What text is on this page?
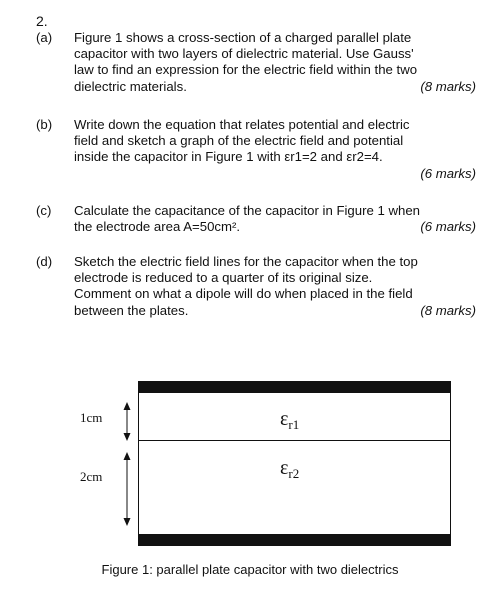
2.
(a) Figure 1 shows a cross-section of a charged parallel plate
capacitor with two layers of dielectric material. Use Gauss'
law to find an expression for the electric field within the two
dielectric materials.	(8 marks)
(b) Write down the equation that relates potential and electric
field and sketch a graph of the electric field and potential
inside the capacitor in Figure 1 with εr1=2 and εr2=4.
(6 marks)
(c) Calculate the capacitance of the capacitor in Figure 1 when
the electrode area A=50cm².	(6 marks)
(d) Sketch the electric field lines for the capacitor when the top
electrode is reduced to a quarter of its original size.
Comment on what a dipole will do when placed in the field
between the plates.	(8 marks)
1cm
2cm
$\varepsilon_{r1}$
$\varepsilon_{r2}$
Figure 1: parallel plate capacitor with two dielectrics
